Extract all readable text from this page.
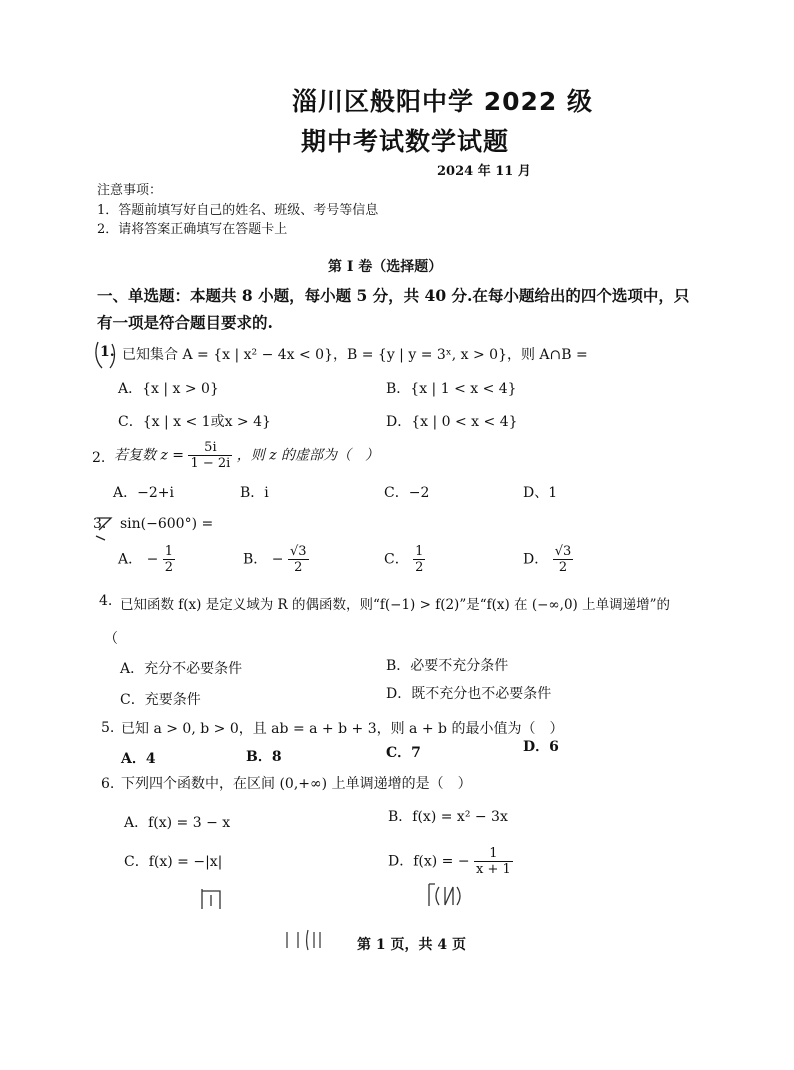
淄川区般阳中学 2022 级
期中考试数学试题
2024 年 11 月
注意事项：
1．答题前填写好自己的姓名、班级、考号等信息
2．请将答案正确填写在答题卡上
第 I 卷（选择题）
一、单选题：本题共 8 小题，每小题 5 分，共 40 分.在每小题给出的四个选项中，只
有一项是符合题目要求的.
1. 已知集合 A = {x | x² − 4x < 0}，B = {y | y = 3ˣ, x > 0}，则 A∩B =
A．{x | x > 0}	B．{x | 1 < x < 4}
C．{x | x < 1或x > 4}	D．{x | 0 < x < 4}
2. 若复数 $z = \frac{5i}{1 - 2i}$ ，则 z 的虚部为（　）
A．−2+i	B．i	C．−2	D、1
3. sin(−600°) =
A． − $\frac{1}{2}$	B． − $\frac{√3}{2}$	C． $\frac{1}{2}$	D． $\frac{√3}{2}$
4. 已知函数 f(x) 是定义域为 R 的偶函数，则“f(−1) > f(2)”是“f(x) 在 (−∞,0) 上单调递增”的
（
A．充分不必要条件	B．必要不充分条件
C．充要条件	D．既不充分也不必要条件
5. 已知 a > 0, b > 0，且 ab = a + b + 3，则 a + b 的最小值为（　）
A．4	B．8	C．7	D．6
6. 下列四个函数中，在区间 (0,+∞) 上单调递增的是（　）
A．f(x) = 3 − x	B．f(x) = x² − 3x
C．f(x) = −|x|	D．f(x) = − $\frac{1}{x + 1}$
第 1 页，共 4 页
